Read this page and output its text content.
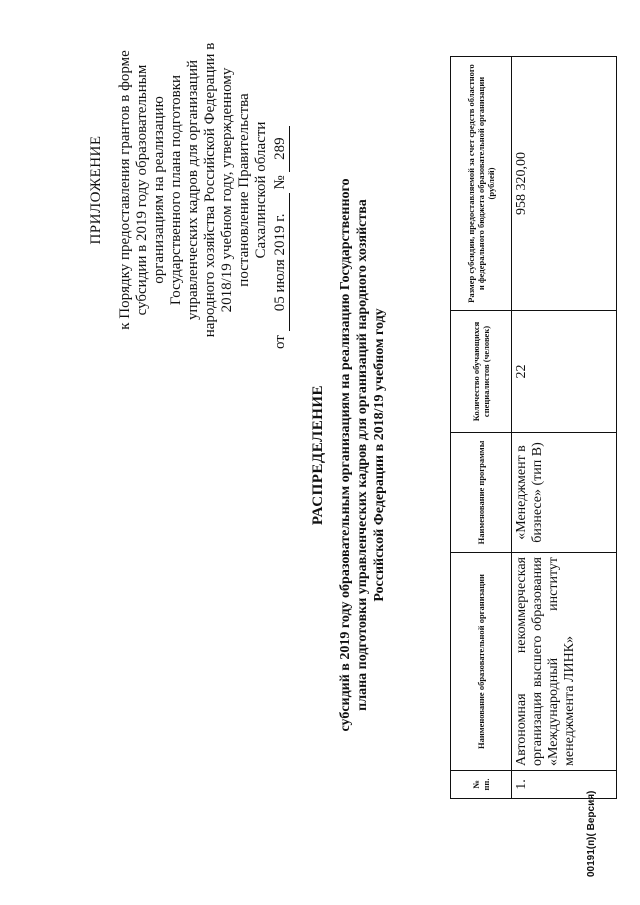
ПРИЛОЖЕНИЕ к Порядку предоставления грантов в форме субсидии в 2019 году образовательным организациям на реализацию Государственного плана подготовки управленческих кадров для организаций народного хозяйства Российской Федерации в 2018/19 учебном году, утвержденному постановление Правительства Сахалинской области
от 05 июля 2019 г. № 289
РАСПРЕДЕЛЕНИЕ субсидий в 2019 году образовательным организациям на реализацию Государственного плана подготовки управленческих кадров для организаций народного хозяйства Российской Федерации в 2018/19 учебном году
№ пп.	Наименование образовательной организации	Наименование программы	Количество обучающихся специалистов (человек)	Размер субсидии, предоставляемой за счет средств областного и федерального бюджета образовательной организации (рублей)
1.	Автономная некоммерческая организация высшего образования «Международный институт менеджмента ЛИНК»	«Менеджмент в бизнесе» (тип В)	22	958 320,00
00191(п)( Версия)
